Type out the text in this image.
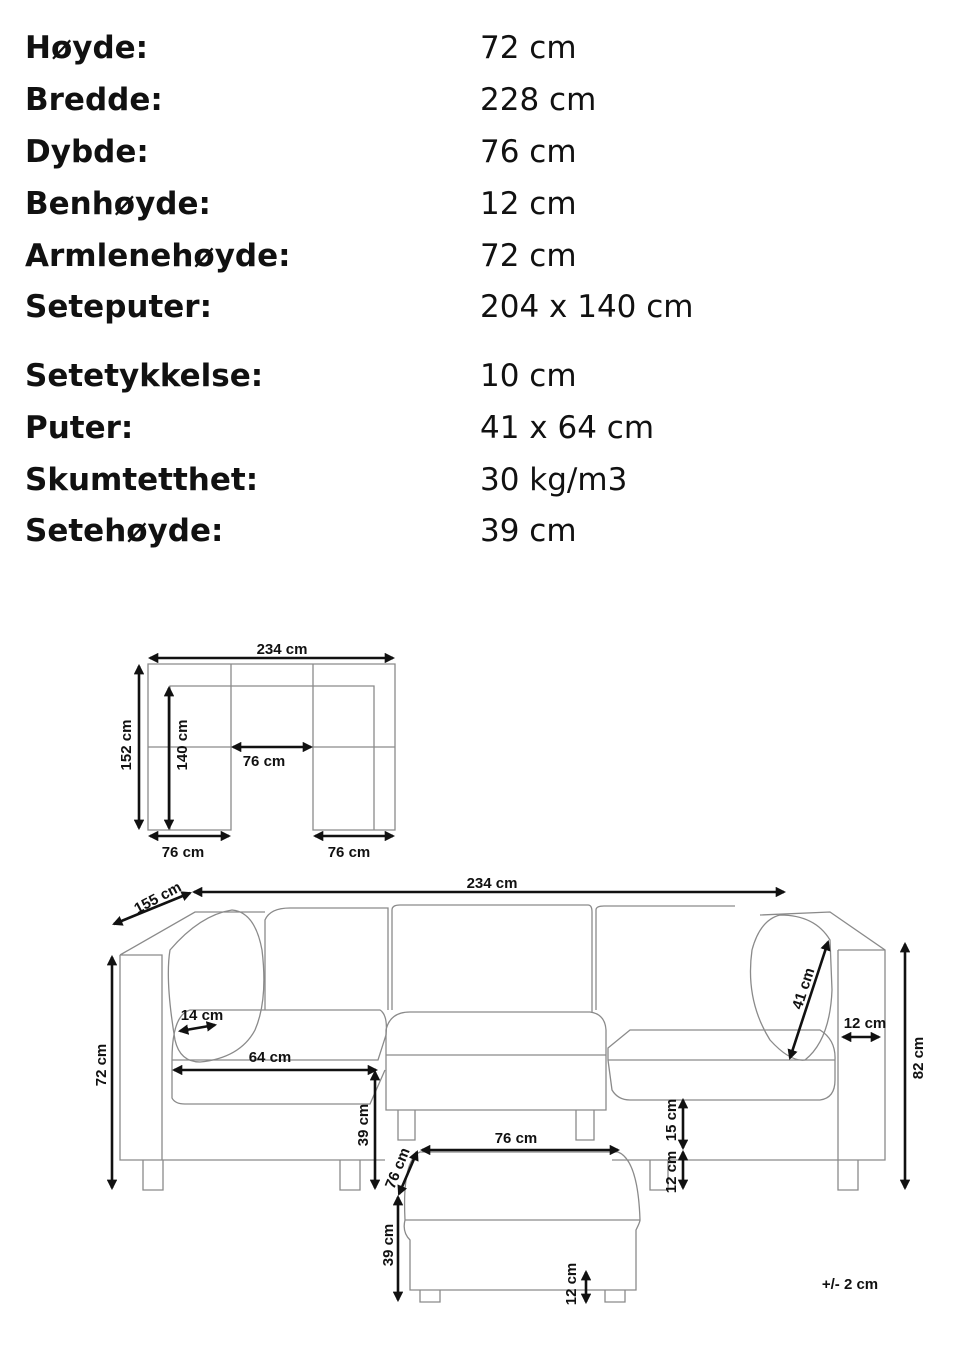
Høyde:	72 cm
Bredde:	228 cm
Dybde:	76 cm
Benhøyde:	12 cm
Armlenehøyde:	72 cm
Seteputer:	204 x 140 cm
Setetykkelse:	10 cm
Puter:	41 x 64 cm
Skumtetthet:	30 kg/m3
Setehøyde:	39 cm
234 cm
152 cm	140 cm	76 cm
76 cm	76 cm
155 cm	234 cm
72 cm
14 cm
64 cm
39 cm
41 cm
12 cm
82 cm
15 cm
12 cm
76 cm
76 cm
39 cm
12 cm	+/- 2 cm
